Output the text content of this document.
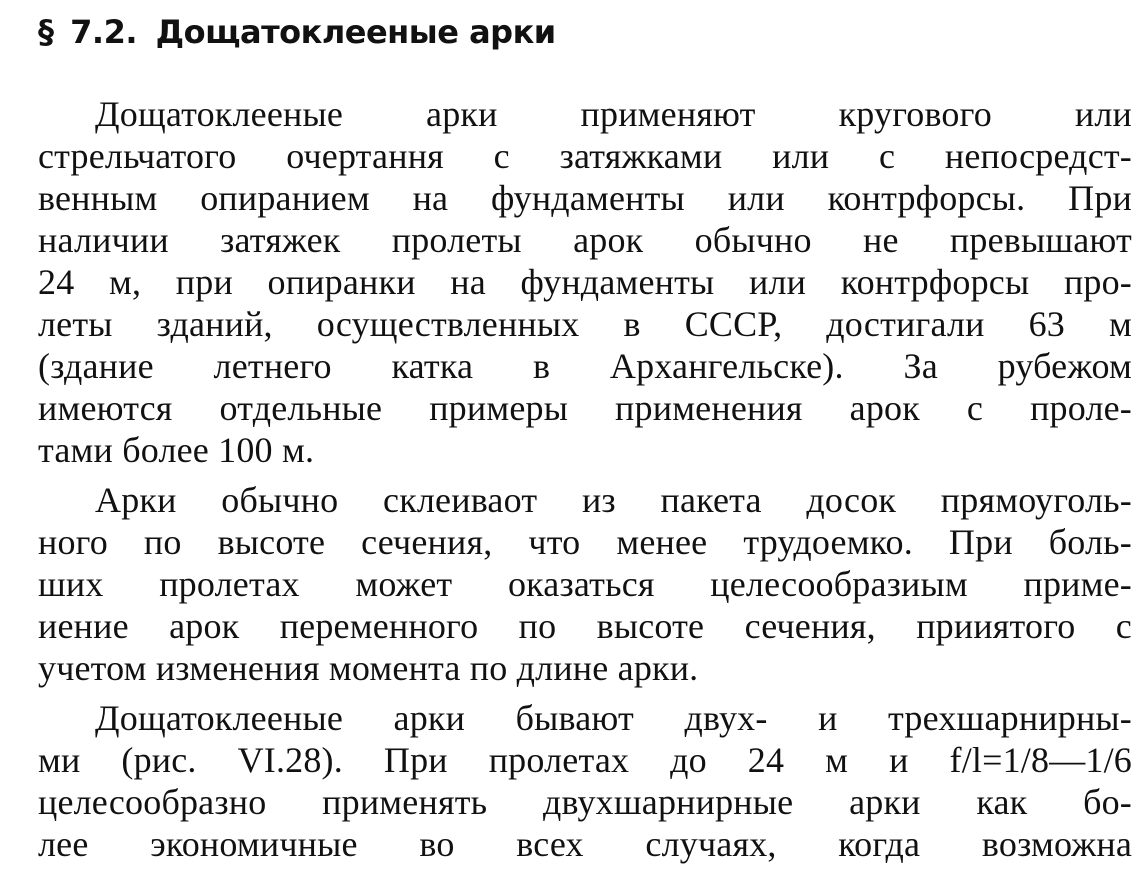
§ 7.2. Дощатоклееные арки
Дощатоклееные арки применяют кругового или
стрельчатого очертання с затяжками или с непосредст-
венным опиранием на фундаменты или контрфорсы. При
наличии затяжек пролеты арок обычно не превышают
24 м, при опиранки на фундаменты или контрфорсы про-
леты зданий, осуществленных в СССР, достигали 63 м
(здание летнего катка в Архангельске). За рубежом
имеются отдельные примеры применения арок с проле-
тами более 100 м.
Арки обычно склеиваот из пакета досок прямоуголь-
ного по высоте сечения, что менее трудоемко. При боль-
ших пролетах может оказаться целесообразиым приме-
иение арок переменного по высоте сечения, прииятого с
учетом изменения момента по длине арки.
Дощатоклееные арки бывают двух- и трехшарнирны-
ми (рис. VI.28). При пролетах до 24 м и f/l=1/8—1/6
целесообразно применять двухшарнирные арки как бо-
лее экономичные во всех случаях, когда возможна
